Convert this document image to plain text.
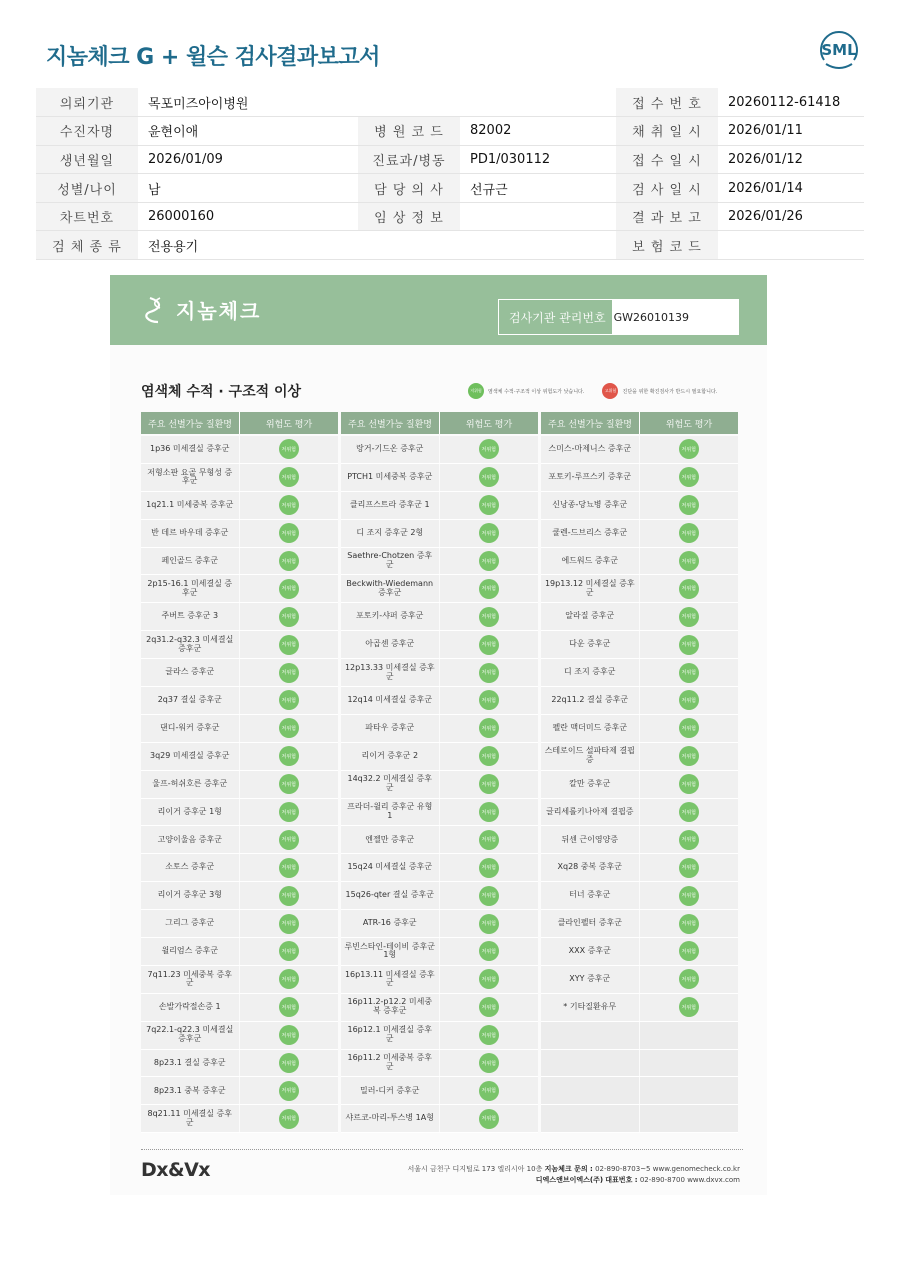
지놈체크 G + 윌슨 검사결과보고서	SML
의뢰기관	목포미즈아이병원			접 수 번 호	20260112-61418
수진자명	윤현이애	병 원 코 드	82002	채 취 일 시	2026/01/11
생년월일	2026/01/09	진료과/병동	PD1/030112	접 수 일 시	2026/01/12
성별/나이	남	담 당 의 사	선규근	검 사 일 시	2026/01/14
차트번호	26000160	임 상 정 보		결 과 보 고	2026/01/26
검 체 종 류	전용용기			보 험 코 드	
지놈체크	검사기관 관리번호 GW26010139
염색체 수적 · 구조적 이상	저위험	염색체 수적·구조적 이상 위험도가 낮습니다.	고위험	진단을 위한 확진검사가 반드시 필요합니다.
주요 선별가능 질환명	위험도 평가
1p36 미세결실 증후군	저위험
저형소판 요골 무형성 증후군	저위험
1q21.1 미세중복 증후군	저위험
반 데르 바우데 증후군	저위험
페인골드 증후군	저위험
2p15-16.1 미세결실 증후군	저위험
주버트 증후군 3	저위험
2q31.2-q32.3 미세결실 증후군	저위험
글라스 증후군	저위험
2q37 결실 증후군	저위험
댄디-워커 증후군	저위험
3q29 미세결실 증후군	저위험
울프-허쉬호른 증후군	저위험
리이거 증후군 1형	저위험
고양이울음 증후군	저위험
소토스 증후군	저위험
리이거 증후군 3형	저위험
그리그 증후군	저위험
윌리엄스 증후군	저위험
7q11.23 미세중복 증후군	저위험
손발가락절손증 1	저위험
7q22.1-q22.3 미세결실 증후군	저위험
8p23.1 결실 증후군	저위험
8p23.1 중복 증후군	저위험
8q21.11 미세결실 증후군	저위험
주요 선별가능 질환명	위험도 평가
랑거-기드온 증후군	저위험
PTCH1 미세중복 증후군	저위험
클리프스트라 증후군 1	저위험
디 조지 증후군 2형	저위험
Saethre-Chotzen 증후군	저위험
Beckwith-Wiedemann 증후군	저위험
포토키-샤퍼 증후군	저위험
아곱센 증후군	저위험
12p13.33 미세결실 증후군	저위험
12q14 미세결실 증후군	저위험
파타우 증후군	저위험
리이거 증후군 2	저위험
14q32.2 미세결실 증후군	저위험
프라더-윌리 증후군 유형 1	저위험
엔젤만 증후군	저위험
15q24 미세결실 증후군	저위험
15q26-qter 결실 증후군	저위험
ATR-16 증후군	저위험
루빈스타인-테이비 증후군 1형	저위험
16p13.11 미세결실 증후군	저위험
16p11.2-p12.2 미세중복 증후군	저위험
16p12.1 미세결실 증후군	저위험
16p11.2 미세중복 증후군	저위험
밀러-디커 증후군	저위험
샤르코-마리-투스병 1A형	저위험
주요 선별가능 질환명	위험도 평가
스미스-마제니스 증후군	저위험
포토키-루프스키 증후군	저위험
신낭종-당뇨병 증후군	저위험
쿨렌-드브리스 증후군	저위험
에드워드 증후군	저위험
19p13.12 미세결실 증후군	저위험
알라질 증후군	저위험
다운 증후군	저위험
디 조지 증후군	저위험
22q11.2 결실 증후군	저위험
펠란 맥더미드 증후군	저위험
스테로이드 설파타제 결핍증	저위험
칼만 증후군	저위험
글리세롤키나아제 결핍증	저위험
뒤센 근이영양증	저위험
Xq28 중복 증후군	저위험
터너 증후군	저위험
클라인펠터 증후군	저위험
XXX 증후군	저위험
XYY 증후군	저위험
* 기타질환유무	저위험
Dx&Vx	서울시 금천구 디지털로 173 엘리시아 10층 지놈체크 문의 : 02-890-8703~5 www.genomecheck.co.kr
디엑스앤브이엑스(주) 대표번호 : 02-890-8700 www.dxvx.com
